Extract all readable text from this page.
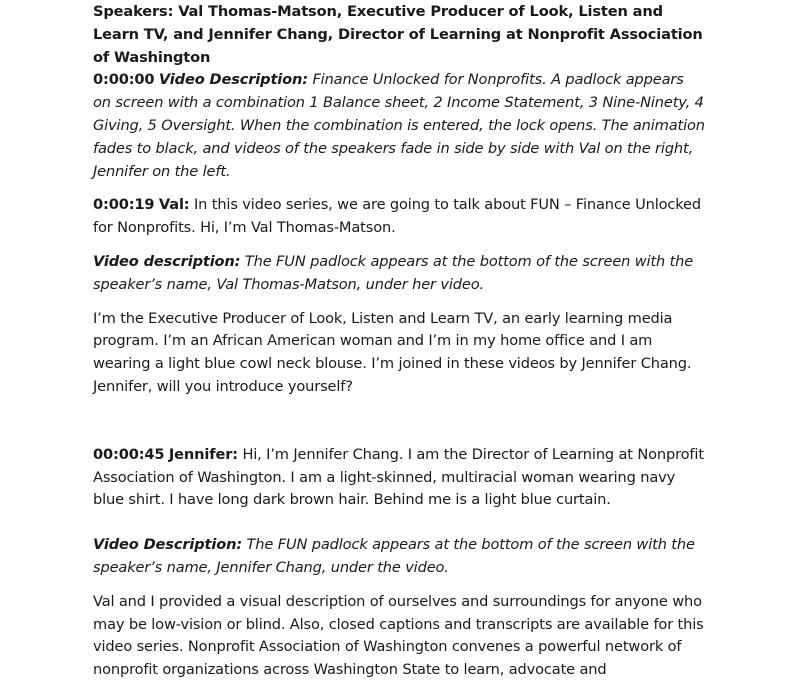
Speakers: Val Thomas-Matson, Executive Producer of Look, Listen and Learn TV, and Jennifer Chang, Director of Learning at Nonprofit Association of Washington

0:00:00 Video Description: Finance Unlocked for Nonprofits. A padlock appears on screen with a combination 1 Balance sheet, 2 Income Statement, 3 Nine-Ninety, 4 Giving, 5 Oversight. When the combination is entered, the lock opens. The animation fades to black, and videos of the speakers fade in side by side with Val on the right, Jennifer on the left.

0:00:19 Val: In this video series, we are going to talk about FUN – Finance Unlocked for Nonprofits. Hi, I’m Val Thomas-Matson.

Video description: The FUN padlock appears at the bottom of the screen with the speaker’s name, Val Thomas-Matson, under her video.

I’m the Executive Producer of Look, Listen and Learn TV, an early learning media program. I’m an African American woman and I’m in my home office and I am wearing a light blue cowl neck blouse. I’m joined in these videos by Jennifer Chang. Jennifer, will you introduce yourself?

00:00:45 Jennifer: Hi, I’m Jennifer Chang. I am the Director of Learning at Nonprofit Association of Washington. I am a light-skinned, multiracial woman wearing navy blue shirt. I have long dark brown hair. Behind me is a light blue curtain.

Video Description: The FUN padlock appears at the bottom of the screen with the speaker’s name, Jennifer Chang, under the video.

Val and I provided a visual description of ourselves and surroundings for anyone who may be low-vision or blind. Also, closed captions and transcripts are available for this video series. Nonprofit Association of Washington convenes a powerful network of nonprofit organizations across Washington State to learn, advocate and
